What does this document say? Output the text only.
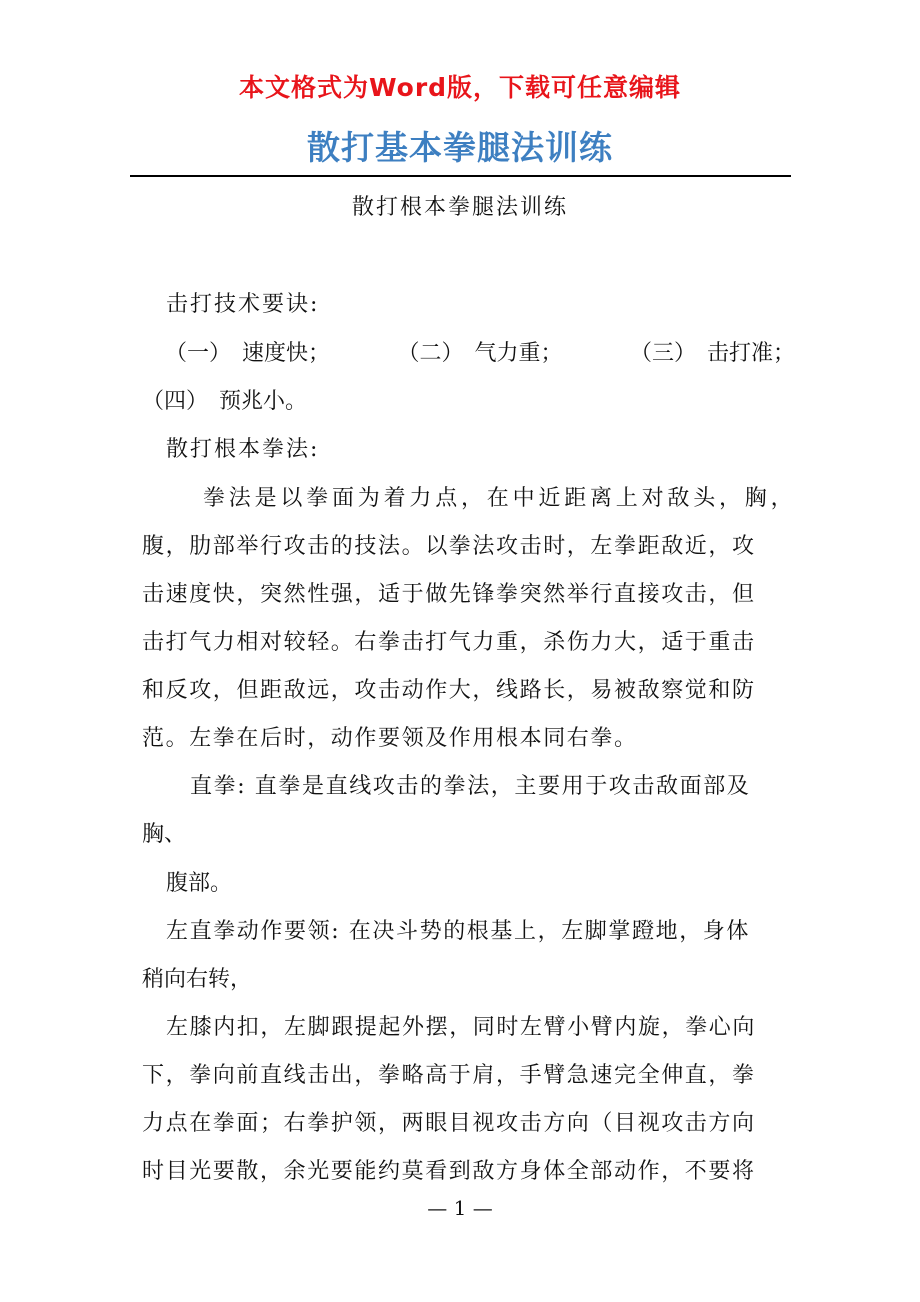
本文格式为Word版，下载可任意编辑
散打基本拳腿法训练
散打根本拳腿法训练
击打技术要诀:
（一）　速度快；	（二）　气力重；	（三）　击打准；
（四）　预兆小。
散打根本拳法:
拳法是以拳面为着力点，在中近距离上对敌头，胸，
腹，肋部举行攻击的技法。以拳法攻击时，左拳距敌近，攻
击速度快，突然性强，适于做先锋拳突然举行直接攻击，但
击打气力相对较轻。右拳击打气力重，杀伤力大，适于重击
和反攻，但距敌远，攻击动作大，线路长，易被敌察觉和防
范。左拳在后时，动作要领及作用根本同右拳。
直拳: 直拳是直线攻击的拳法，主要用于攻击敌面部及
胸、
腹部。
左直拳动作要领: 在决斗势的根基上，左脚掌蹬地，身体
稍向右转，
左膝内扣，左脚跟提起外摆，同时左臂小臂内旋，拳心向
下，拳向前直线击出，拳略高于肩，手臂急速完全伸直，拳
力点在拳面；右拳护领，两眼目视攻击方向（目视攻击方向
时目光要散，余光要能约莫看到敌方身体全部动作，不要将
— 1 —
